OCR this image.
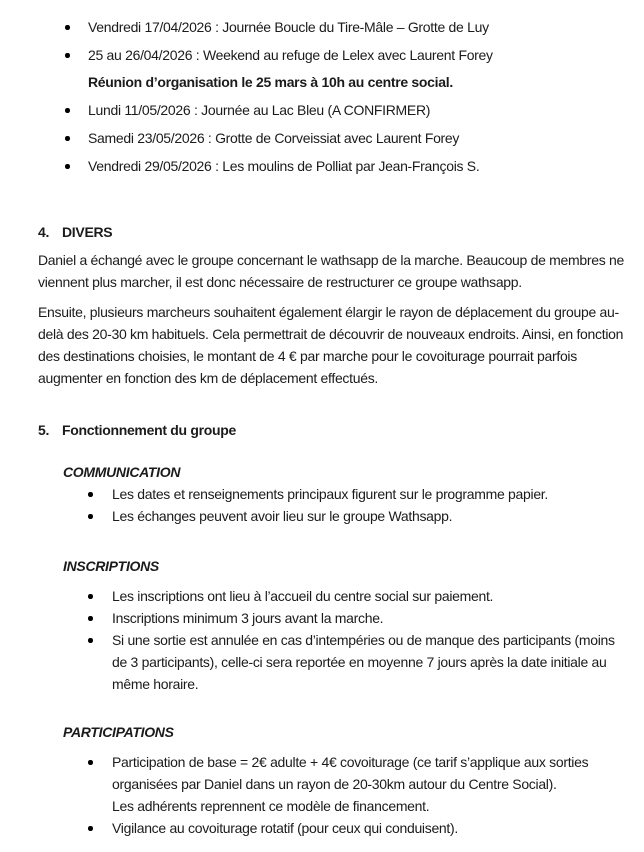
Vendredi 17/04/2026 : Journée Boucle du Tire-Mâle – Grotte de Luy
25 au 26/04/2026 : Weekend au refuge de Lelex avec Laurent Forey
Réunion d’organisation le 25 mars à 10h au centre social.
Lundi 11/05/2026 : Journée au Lac Bleu (A CONFIRMER)
Samedi 23/05/2026 : Grotte de Corveissiat avec Laurent Forey
Vendredi 29/05/2026 : Les moulins de Polliat par Jean-François S.
4. DIVERS

Daniel a échangé avec le groupe concernant le wathsapp de la marche. Beaucoup de membres ne viennent plus marcher, il est donc nécessaire de restructurer ce groupe wathsapp.

Ensuite, plusieurs marcheurs souhaitent également élargir le rayon de déplacement du groupe au-delà des 20-30 km habituels. Cela permettrait de découvrir de nouveaux endroits. Ainsi, en fonction des destinations choisies, le montant de 4 € par marche pour le covoiturage pourrait parfois augmenter en fonction des km de déplacement effectués.

5. Fonctionnement du groupe
COMMUNICATION
Les dates et renseignements principaux figurent sur le programme papier.
Les échanges peuvent avoir lieu sur le groupe Wathsapp.
INSCRIPTIONS
Les inscriptions ont lieu à l’accueil du centre social sur paiement.
Inscriptions minimum 3 jours avant la marche.
Si une sortie est annulée en cas d’intempéries ou de manque des participants (moins de 3 participants), celle-ci sera reportée en moyenne 7 jours après la date initiale au même horaire.
PARTICIPATIONS
Participation de base = 2€ adulte + 4€ covoiturage (ce tarif s’applique aux sorties organisées par Daniel dans un rayon de 20-30km autour du Centre Social).
Les adhérents reprennent ce modèle de financement.
Vigilance au covoiturage rotatif (pour ceux qui conduisent).
